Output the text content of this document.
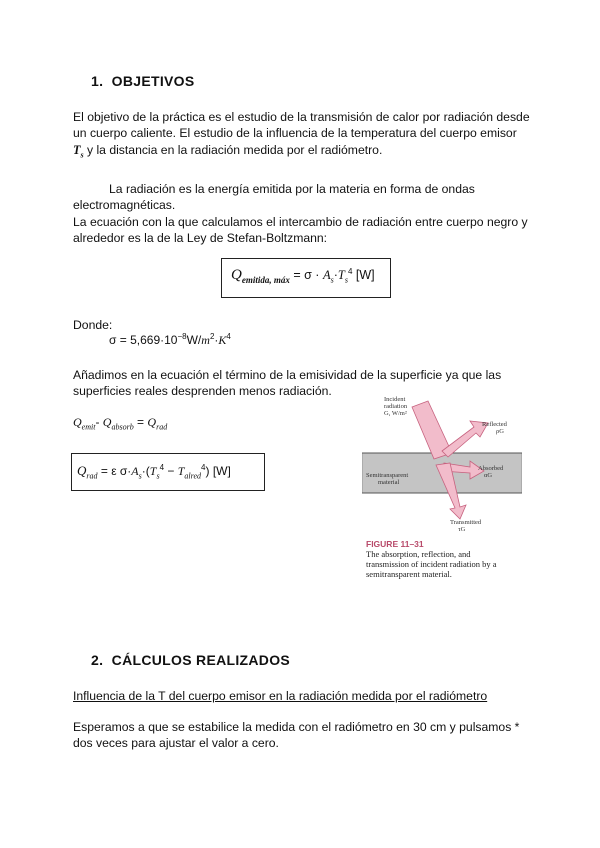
1. OBJETIVOS
El objetivo de la práctica es el estudio de la transmisión de calor por radiación desde
un cuerpo caliente. El estudio de la influencia de la temperatura del cuerpo emisor
$T_s$ y la distancia en la radiación medida por el radiómetro.
La radiación es la energía emitida por la materia en forma de ondas
electromagnéticas.
La ecuación con la que calculamos el intercambio de radiación entre cuerpo negro y
alrededor es la de la Ley de Stefan-Boltzmann:
$Q_{emitida, máx} = \sigma \cdot A_s\cdot T_s^4$ [W]
Donde:
$\sigma = 5,669\cdot 10^{-8}W/m^2\cdot K^4$
Añadimos en la ecuación el término de la emisividad de la superficie ya que las
superficies reales desprenden menos radiación.
$Q_{emit}-$ $Q_{absorb} = Q_{rad}$
$Q_{rad} = \varepsilon$ $\sigma\cdot A_s\cdot(T_s^4 - T_{alred}^4)$ [W]
Incident
radiation
G, W/m²
Reflected
ρG
Absorbed
αG
Semitransparent
material
Transmitted
τG
FIGURE 11–31
The absorption, reflection, and
transmission of incident radiation by a
semitransparent material.
2. CÁLCULOS REALIZADOS
Influencia de la T del cuerpo emisor en la radiación medida por el radiómetro
Esperamos a que se estabilice la medida con el radiómetro en 30 cm y pulsamos *
dos veces para ajustar el valor a cero.
